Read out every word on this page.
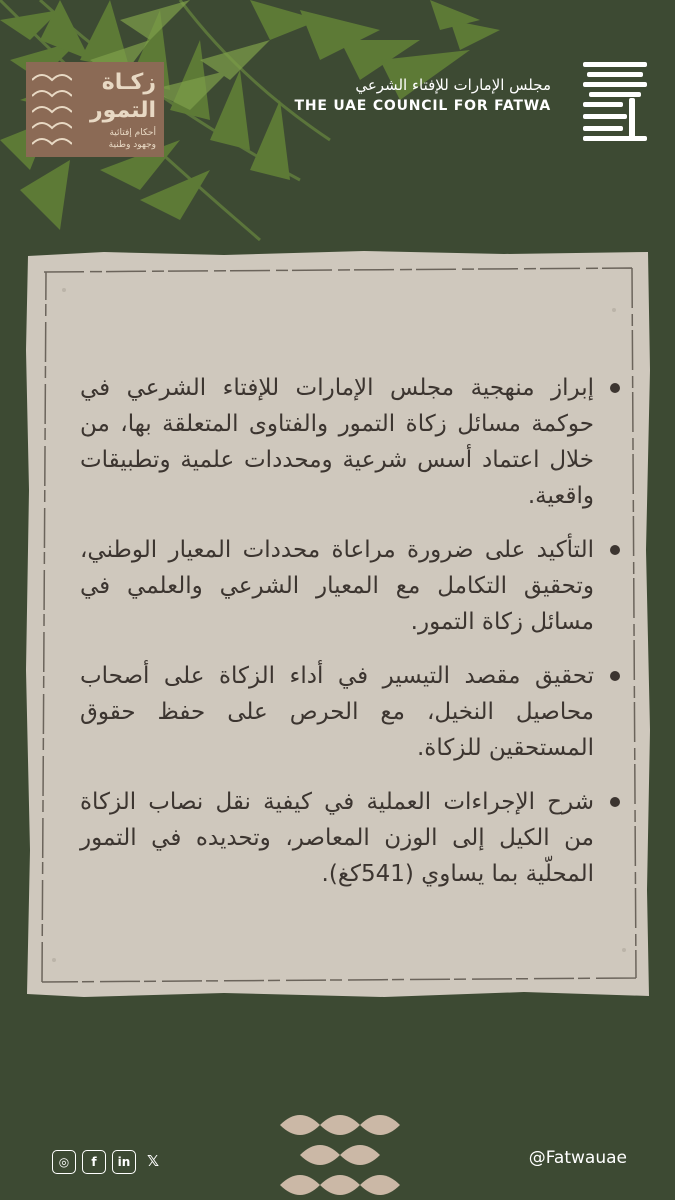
زكـاة
التمور
أحكام إفتائية
وجهود وطنية
مجلس الإمارات للإفتاء الشرعي
THE UAE COUNCIL FOR FATWA
إبراز منهجية مجلس الإمارات للإفتاء الشرعي في حوكمة مسائل زكاة التمور والفتاوى المتعلقة بها، من خلال اعتماد أسس شرعية ومحددات علمية وتطبيقات واقعية.
التأكيد على ضرورة مراعاة محددات المعيار الوطني، وتحقيق التكامل مع المعيار الشرعي والعلمي في مسائل زكاة التمور.
تحقيق مقصد التيسير في أداء الزكاة على أصحاب محاصيل النخيل، مع الحرص على حفظ حقوق المستحقين للزكاة.
شرح الإجراءات العملية في كيفية نقل نصاب الزكاة من الكيل إلى الوزن المعاصر، وتحديده في التمور المحلّية بما يساوي (541كغ).
◎	f	in	𝕏	@Fatwauae
